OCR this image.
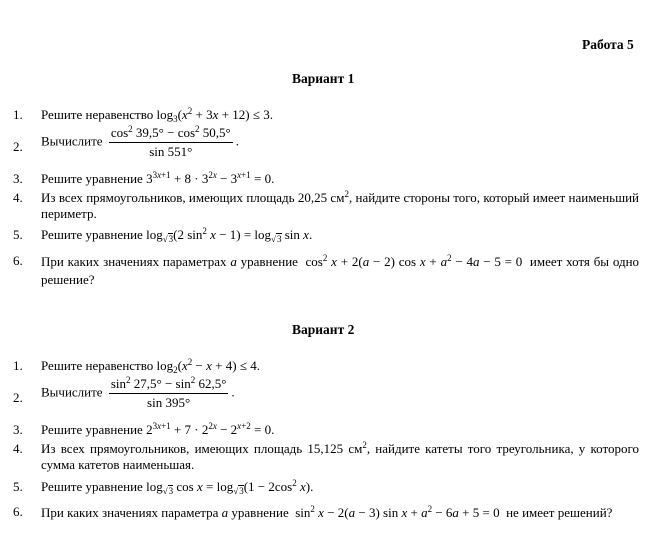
Работа 5
Вариант 1
1. Решите неравенство $\log_3(x^2 + 3x + 12) \le 3$.
2. Вычислите $\frac{\cos^2 39,5^\circ - \cos^2 50,5^\circ}{\sin 551^\circ}$ .
3. Решите уравнение $3^{3x+1} + 8 \cdot 3^{2x} - 3^{x+1} = 0$.
4. Из всех прямоугольников, имеющих площадь 20,25 $см^2$, найдите стороны того, который имеет наименьший периметр.
5. Решите уравнение $\log_{√3}(2$ $\sin^2 x - 1) = \log_{√3} \sin x$.
6. При каких значениях параметрах a уравнение $\cos^2 x + 2(a - 2)$ $\cos x + a^2 - 4a - 5 = 0$ имеет хотя бы одно решение?
Вариант 2
1. Решите неравенство $\log_2(x^2 - x + 4) \le 4$.
2. Вычислите $\frac{\sin^2 27,5^\circ - \sin^2 62,5^\circ}{\sin 395^\circ}$ .
3. Решите уравнение $2^{3x+1} + 7 \cdot 2^{2x} - 2^{x+2} = 0$.
4. Из всех прямоугольников, имеющих площадь 15,125 $см^2$, найдите катеты того треугольника, у которого сумма катетов наименьшая.
5. Решите уравнение $\log_{√3} \cos x = \log_{√3}(1 - 2\cos^2$ x).
6. При каких значениях параметра a уравнение $\sin^2 x - 2(a - 3)$ $\sin x + a^2 - 6a + 5 = 0$ не имеет решений?
